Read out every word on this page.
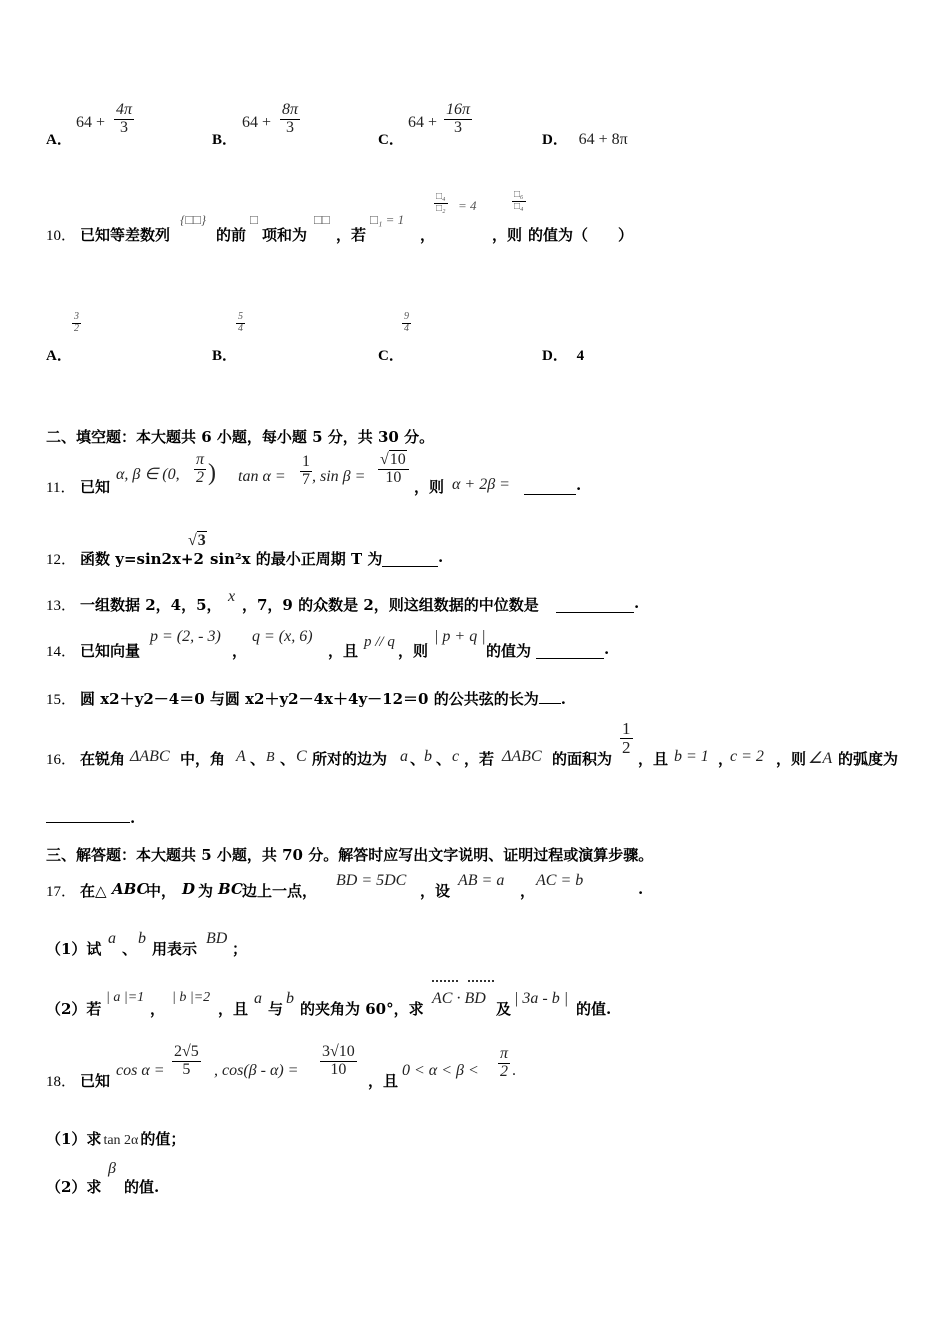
A．
$64 + \frac{4\pi}{3}$
B．
$64 + \frac{8\pi}{3}$
C．
$64 + \frac{16\pi}{3}$
D． 64 + 8π
10． 已知等差数列
{□□}
的前
□
项和为
□□
，若
□₁ = 1
，
□₄
□₂ = 4
，则
□₆
□₄
的值为（　　）
A．
$\frac{3}{2}$
B．
$\frac{5}{4}$
C．
$\frac{9}{4}$
D． 4
二、填空题：本大题共 6 小题，每小题 5 分，共 30 分。
11． 已知
α, β ∈ (0, $\frac{\pi}{2}$ ) $\tan \alpha = \frac{1}{7}$ , $\sin \beta = \frac{√10}{10}$
，则 α + 2β =	.
12． 函数 y=sin2x+2
√3
sin²x 的最小正周期 T 为	.
13． 一组数据 2，4，5， x ，7，9 的众数是 2，则这组数据的中位数是	.
14． 已知向量
p = (2, - 3)
，
q = (x, 6)
，且 p // q ，则
| p + q |
的值为	.
15． 圆 x2＋y2－4＝0 与圆 x2＋y2－4x＋4y－12＝0 的公共弦的长为 .
16． 在锐角 ΔABC 中，角 A 、 B 、 C 所对的边为 a 、
b 、 c ，若 ΔABC 的面积为
$\frac{1}{2}$
，且 b = 1 ，
c = 2 ，则 ∠A 的弧度为
.
三、解答题：本大题共 5 小题，共 70 分。解答时应写出文字说明、证明过程或演算步骤。
17． 在△ ABC
中， D 为 BC 边上一点，
BD = 5DC
，设
AB = a
，
AC = b	.
（1）试
a
、
b
用表示
BD
；
（2）若
| a |=1
，
| b |=2
，且
a
与
b
的夹角为 60°，求
AC · BD
及
| 3a - b |
的值.
18． 已知
$\cos \alpha = \frac{2√5}{5}$ , $\cos(\beta - \alpha) = \frac{3√10}{10}$
，且
$0 < \alpha < \beta < \frac{\pi}{2}$ .
（1）求 tan 2α 的值；
（2）求
β
的值.
